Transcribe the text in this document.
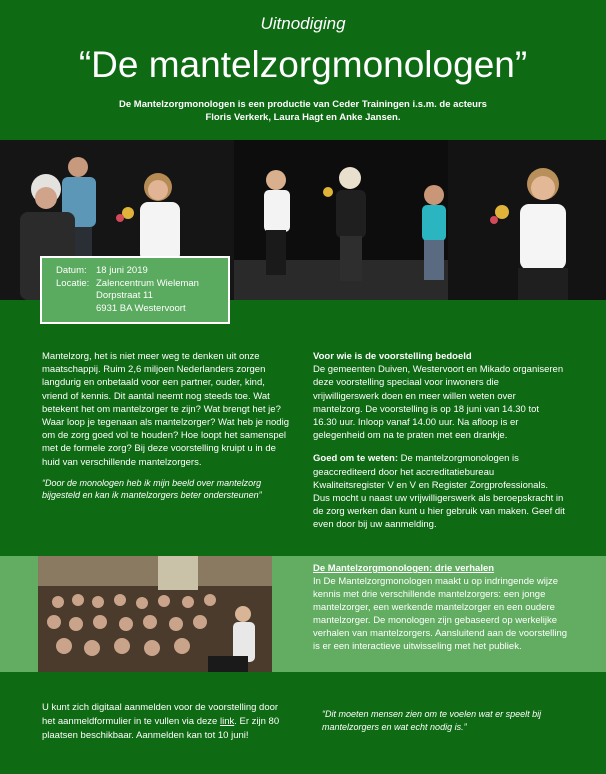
Uitnodiging
“De mantelzorgmonologen”
De Mantelzorgmonologen is een productie van Ceder Trainingen i.s.m. de acteurs
Floris Verkerk, Laura Hagt en Anke Jansen.
Datum: 18 juni 2019
Locatie: Zalencentrum Wieleman
Dorpstraat 11
6931 BA Westervoort
Mantelzorg, het is niet meer weg te denken uit onze maatschappij. Ruim 2,6 miljoen Nederlanders zorgen langdurig en onbetaald voor een partner, ouder, kind, vriend of kennis. Dit aantal neemt nog steeds toe. Wat betekent het om mantelzorger te zijn? Wat brengt het je? Waar loop je tegenaan als mantelzorger? Wat heb je nodig om de zorg goed vol te houden? Hoe loopt het samenspel met de formele zorg? Bij deze voorstelling kruipt u in de huid van verschillende mantelzorgers.
“Door de monologen heb ik mijn beeld over mantelzorg bijgesteld en kan ik mantelzorgers beter ondersteunen”
Voor wie is de voorstelling bedoeld
De gemeenten Duiven, Westervoort en Mikado organiseren deze voorstelling speciaal voor inwoners die vrijwilligerswerk doen en meer willen weten over mantelzorg. De voorstelling is op 18 juni van 14.30 tot 16.30 uur. Inloop vanaf 14.00 uur. Na afloop is er gelegenheid om na te praten met een drankje.
Goed om te weten: De mantelzorgmonologen is geaccrediteerd door het accreditatiebureau Kwaliteitsregister V en V en Register Zorgprofessionals. Dus mocht u naast uw vrijwilligerswerk als beroepskracht in de zorg werken dan kunt u hier gebruik van maken. Geef dit even door bij uw aanmelding.
De Mantelzorgmonologen: drie verhalen
In De Mantelzorgmonologen maakt u op indringende wijze kennis met drie verschillende mantelzorgers: een jonge mantelzorger, een werkende mantelzorger en een oudere mantelzorger. De monologen zijn gebaseerd op werkelijke verhalen van mantelzorgers. Aansluitend aan de voorstelling is er een interactieve uitwisseling met het publiek.
U kunt zich digitaal aanmelden voor de voorstelling door het aanmeldformulier in te vullen via deze link. Er zijn 80 plaatsen beschikbaar. Aanmelden kan tot 10 juni!
“Dit moeten mensen zien om te voelen wat er speelt bij mantelzorgers en wat echt nodig is.”
